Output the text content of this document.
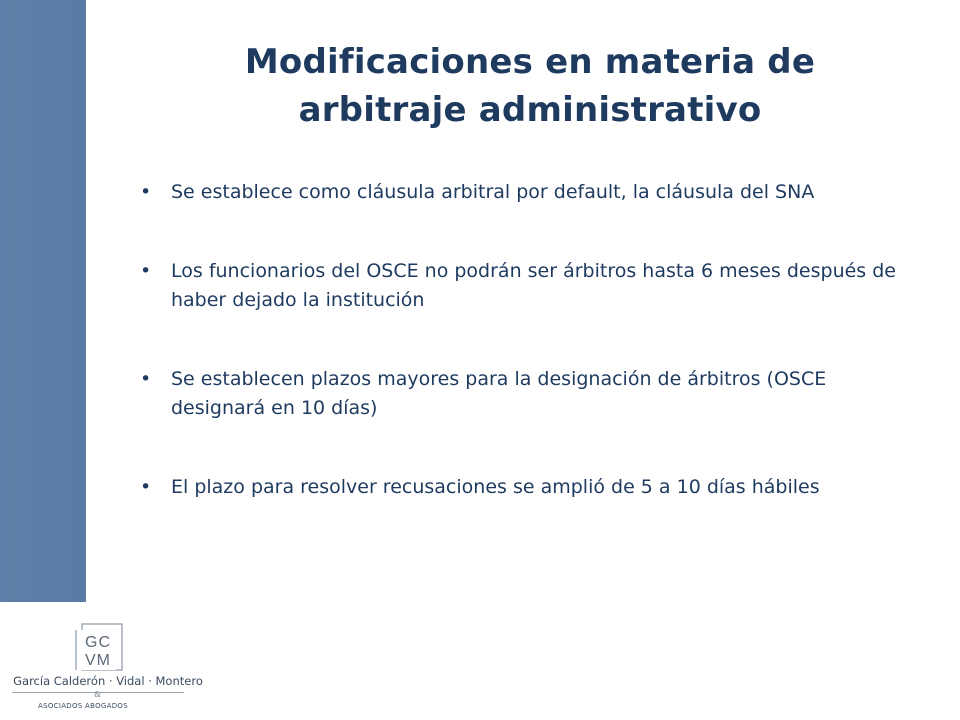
Modificaciones en materia de
arbitraje administrativo
• Se establece como cláusula arbitral por default, la cláusula del SNA
• Los funcionarios del OSCE no podrán ser árbitros hasta 6 meses después de haber dejado la institución
• Se establecen plazos mayores para la designación de árbitros (OSCE designará en 10 días)
• El plazo para resolver recusaciones se amplió de 5 a 10 días hábiles
GC
VM
García Calderón · Vidal · Montero
&
ASOCIADOS ABOGADOS
